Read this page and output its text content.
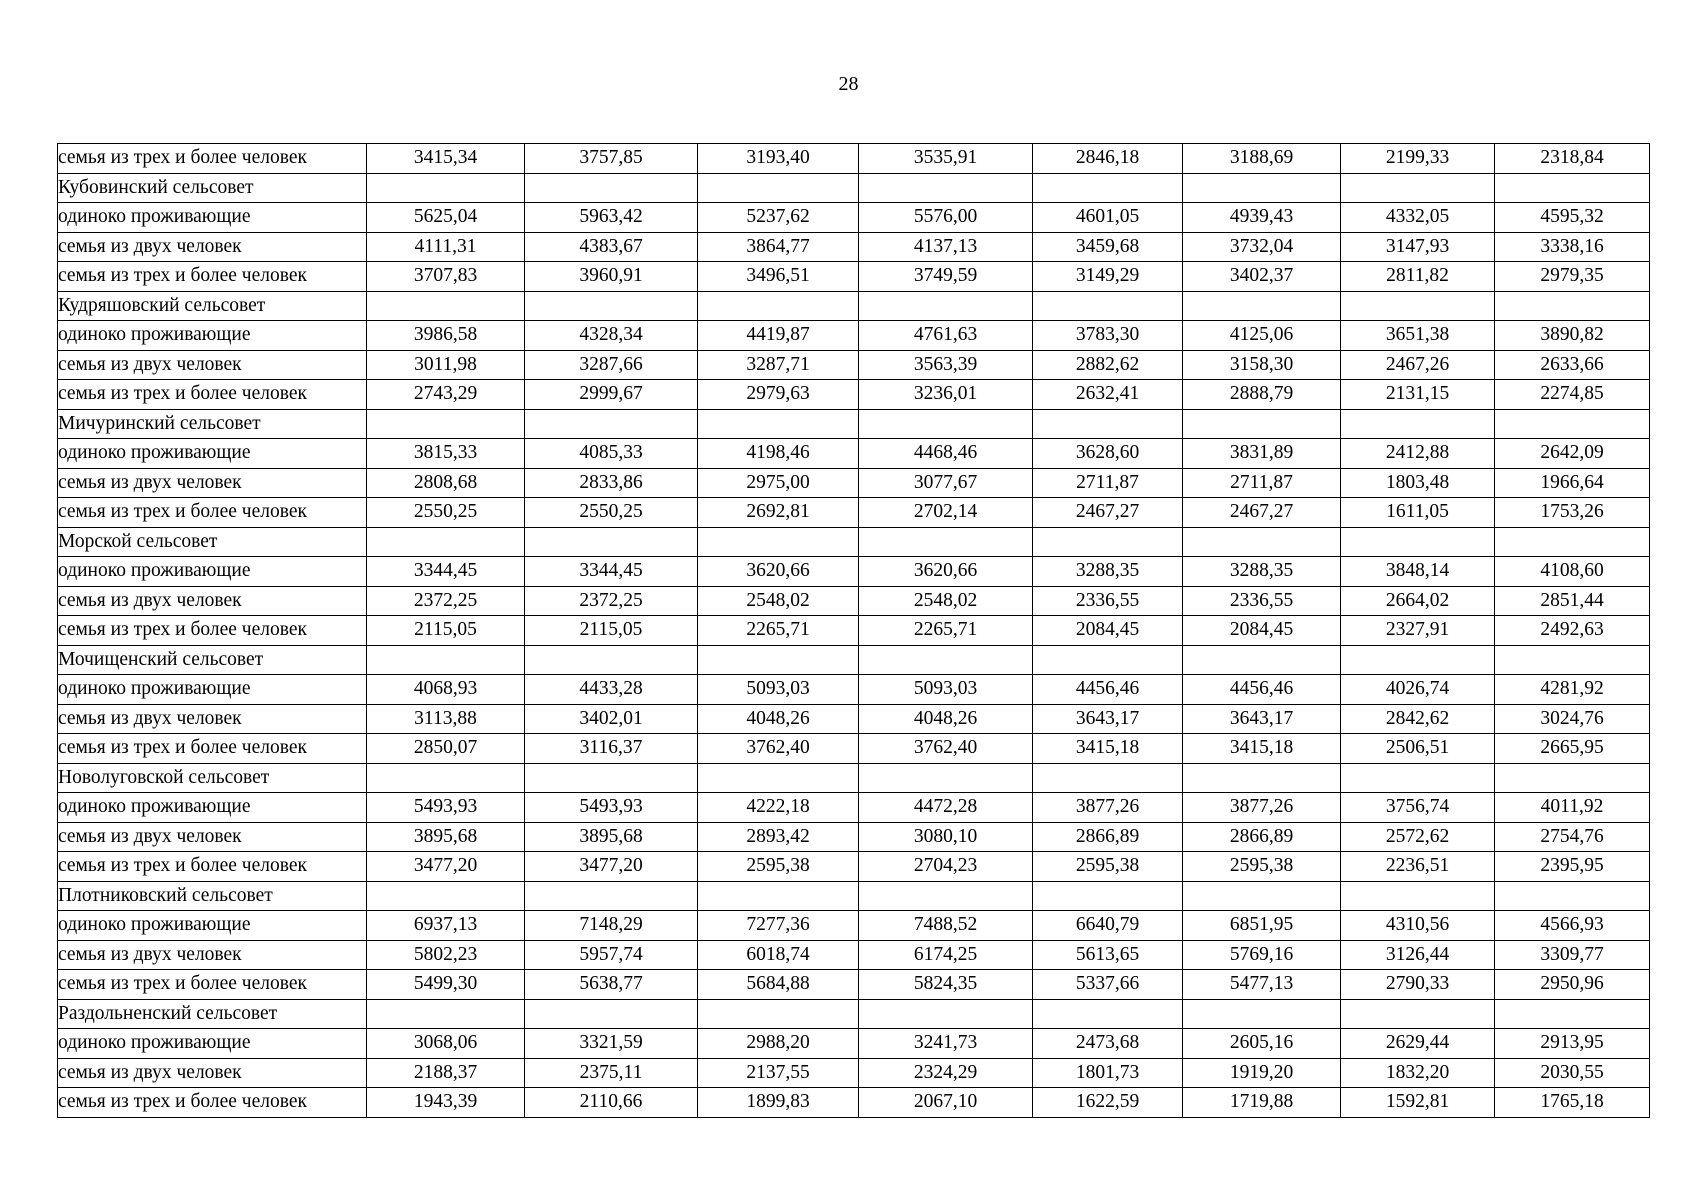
28
семья из трех и более человек	3415,34	3757,85	3193,40	3535,91	2846,18	3188,69	2199,33	2318,84
Кубовинский сельсовет								
одиноко проживающие	5625,04	5963,42	5237,62	5576,00	4601,05	4939,43	4332,05	4595,32
семья из двух человек	4111,31	4383,67	3864,77	4137,13	3459,68	3732,04	3147,93	3338,16
семья из трех и более человек	3707,83	3960,91	3496,51	3749,59	3149,29	3402,37	2811,82	2979,35
Кудряшовский сельсовет								
одиноко проживающие	3986,58	4328,34	4419,87	4761,63	3783,30	4125,06	3651,38	3890,82
семья из двух человек	3011,98	3287,66	3287,71	3563,39	2882,62	3158,30	2467,26	2633,66
семья из трех и более человек	2743,29	2999,67	2979,63	3236,01	2632,41	2888,79	2131,15	2274,85
Мичуринский сельсовет								
одиноко проживающие	3815,33	4085,33	4198,46	4468,46	3628,60	3831,89	2412,88	2642,09
семья из двух человек	2808,68	2833,86	2975,00	3077,67	2711,87	2711,87	1803,48	1966,64
семья из трех и более человек	2550,25	2550,25	2692,81	2702,14	2467,27	2467,27	1611,05	1753,26
Морской сельсовет								
одиноко проживающие	3344,45	3344,45	3620,66	3620,66	3288,35	3288,35	3848,14	4108,60
семья из двух человек	2372,25	2372,25	2548,02	2548,02	2336,55	2336,55	2664,02	2851,44
семья из трех и более человек	2115,05	2115,05	2265,71	2265,71	2084,45	2084,45	2327,91	2492,63
Мочищенский сельсовет								
одиноко проживающие	4068,93	4433,28	5093,03	5093,03	4456,46	4456,46	4026,74	4281,92
семья из двух человек	3113,88	3402,01	4048,26	4048,26	3643,17	3643,17	2842,62	3024,76
семья из трех и более человек	2850,07	3116,37	3762,40	3762,40	3415,18	3415,18	2506,51	2665,95
Новолуговской сельсовет								
одиноко проживающие	5493,93	5493,93	4222,18	4472,28	3877,26	3877,26	3756,74	4011,92
семья из двух человек	3895,68	3895,68	2893,42	3080,10	2866,89	2866,89	2572,62	2754,76
семья из трех и более человек	3477,20	3477,20	2595,38	2704,23	2595,38	2595,38	2236,51	2395,95
Плотниковский сельсовет								
одиноко проживающие	6937,13	7148,29	7277,36	7488,52	6640,79	6851,95	4310,56	4566,93
семья из двух человек	5802,23	5957,74	6018,74	6174,25	5613,65	5769,16	3126,44	3309,77
семья из трех и более человек	5499,30	5638,77	5684,88	5824,35	5337,66	5477,13	2790,33	2950,96
Раздольненский сельсовет								
одиноко проживающие	3068,06	3321,59	2988,20	3241,73	2473,68	2605,16	2629,44	2913,95
семья из двух человек	2188,37	2375,11	2137,55	2324,29	1801,73	1919,20	1832,20	2030,55
семья из трех и более человек	1943,39	2110,66	1899,83	2067,10	1622,59	1719,88	1592,81	1765,18
